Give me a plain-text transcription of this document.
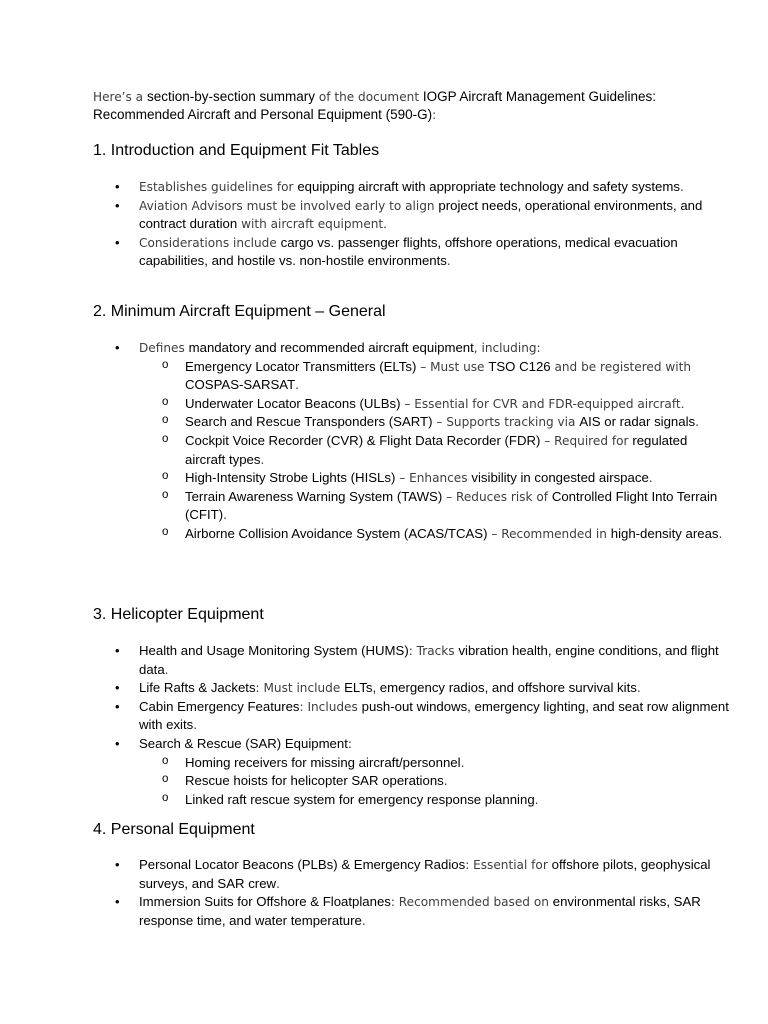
Here’s a section-by-section summary of the document IOGP Aircraft Management Guidelines: Recommended Aircraft and Personal Equipment (590-G):

1. Introduction and Equipment Fit Tables
• Establishes guidelines for equipping aircraft with appropriate technology and safety systems.
• Aviation Advisors must be involved early to align project needs, operational environments, and contract duration with aircraft equipment.
• Considerations include cargo vs. passenger flights, offshore operations, medical evacuation capabilities, and hostile vs. non-hostile environments.
2. Minimum Aircraft Equipment – General
• Defines mandatory and recommended aircraft equipment, including:
o Emergency Locator Transmitters (ELTs) – Must use TSO C126 and be registered with COSPAS-SARSAT.
o Underwater Locator Beacons (ULBs) – Essential for CVR and FDR-equipped aircraft.
o Search and Rescue Transponders (SART) – Supports tracking via AIS or radar signals.
o Cockpit Voice Recorder (CVR) & Flight Data Recorder (FDR) – Required for regulated aircraft types.
o High-Intensity Strobe Lights (HISLs) – Enhances visibility in congested airspace.
o Terrain Awareness Warning System (TAWS) – Reduces risk of Controlled Flight Into Terrain (CFIT).
o Airborne Collision Avoidance System (ACAS/TCAS) – Recommended in high-density areas.
3. Helicopter Equipment
• Health and Usage Monitoring System (HUMS): Tracks vibration health, engine conditions, and flight data.
• Life Rafts & Jackets: Must include ELTs, emergency radios, and offshore survival kits.
• Cabin Emergency Features: Includes push-out windows, emergency lighting, and seat row alignment with exits.
• Search & Rescue (SAR) Equipment:
o Homing receivers for missing aircraft/personnel.
o Rescue hoists for helicopter SAR operations.
o Linked raft rescue system for emergency response planning.
4. Personal Equipment
• Personal Locator Beacons (PLBs) & Emergency Radios: Essential for offshore pilots, geophysical surveys, and SAR crew.
• Immersion Suits for Offshore & Floatplanes: Recommended based on environmental risks, SAR response time, and water temperature.
